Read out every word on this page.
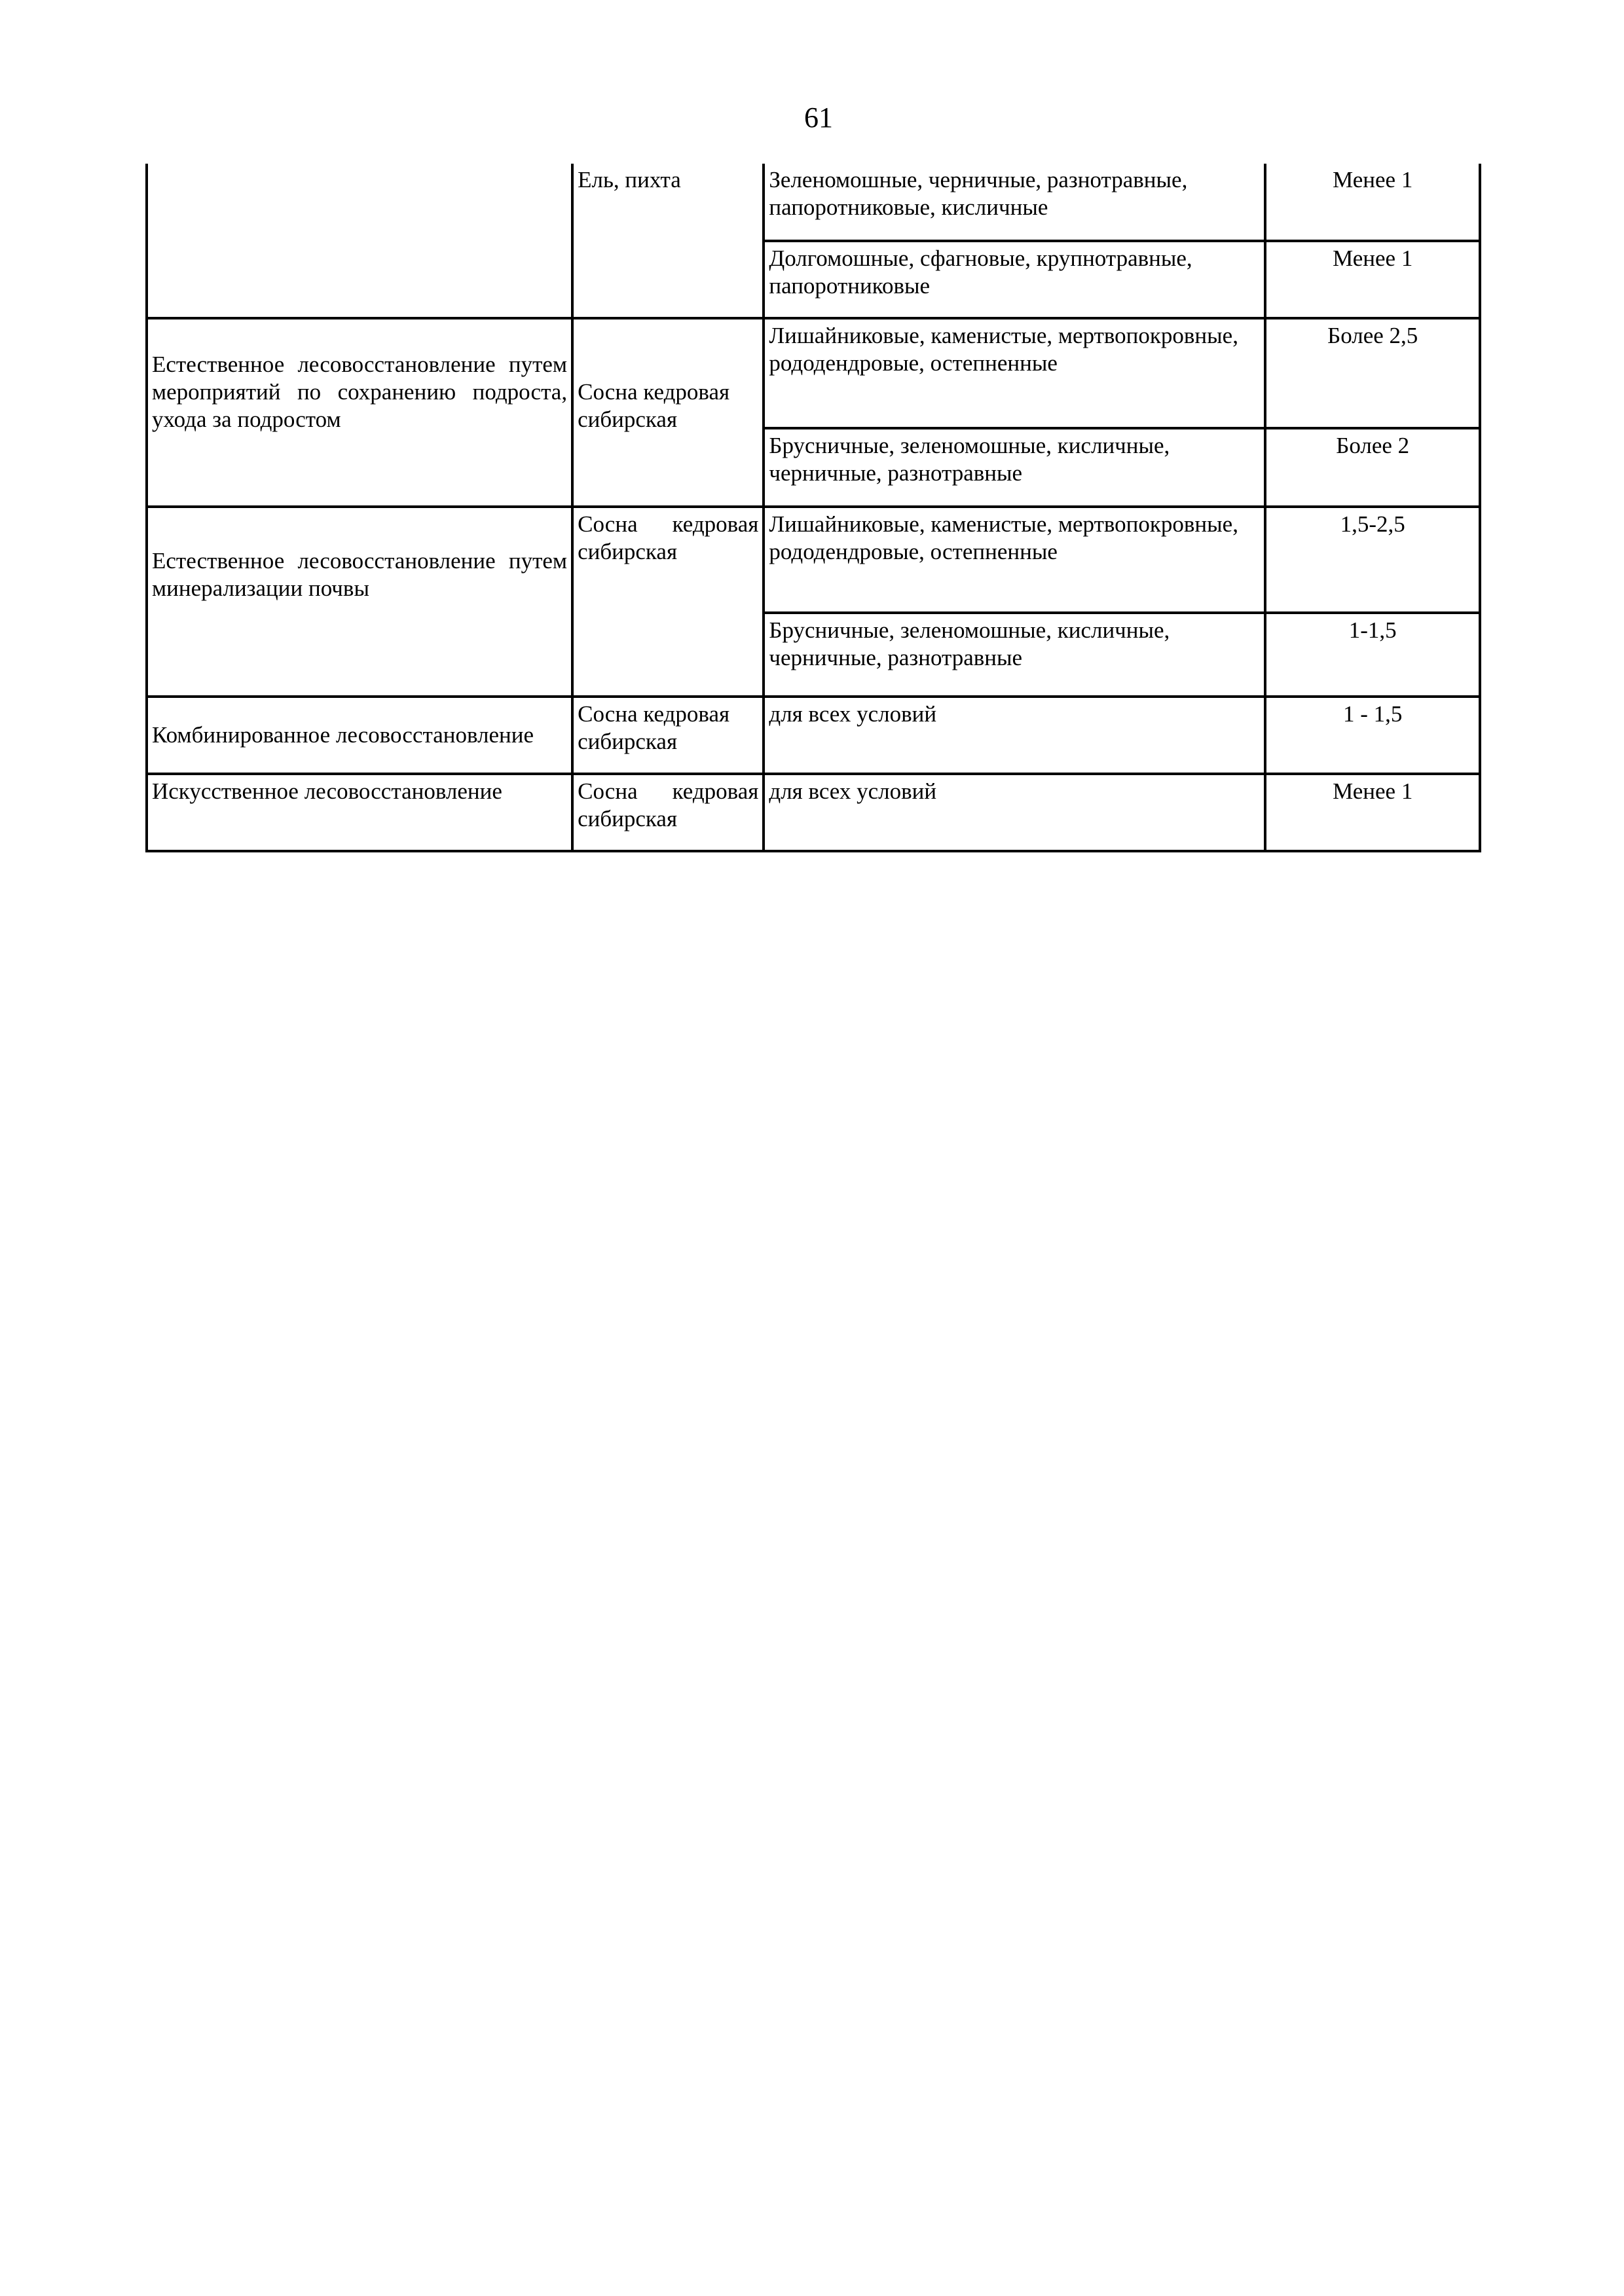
61
	Ель, пихта	Зеленомошные, черничные, разнотравные, папоротниковые, кисличные	Менее 1
		Долгомошные, сфагновые, крупнотравные, папоротниковые	Менее 1
Естественное лесовосстановление путем мероприятий по сохранению подроста, ухода за подростом	Сосна кедровая сибирская	Лишайниковые, каменистые, мертвопокровные, рододендровые, остепненные	Более 2,5
		Брусничные, зеленомошные, кисличные, черничные, разнотравные	Более 2
Естественное лесовосстановление путем минерализации почвы	Сосна кедровая сибирская	Лишайниковые, каменистые, мертвопокровные, рододендровые, остепненные	1,5-2,5
		Брусничные, зеленомошные, кисличные, черничные, разнотравные	1-1,5
Комбинированное лесовосстановление	Сосна кедровая сибирская	для всех условий	1 - 1,5
Искусственное лесовосстановление	Сосна кедровая сибирская	для всех условий	Менее 1
